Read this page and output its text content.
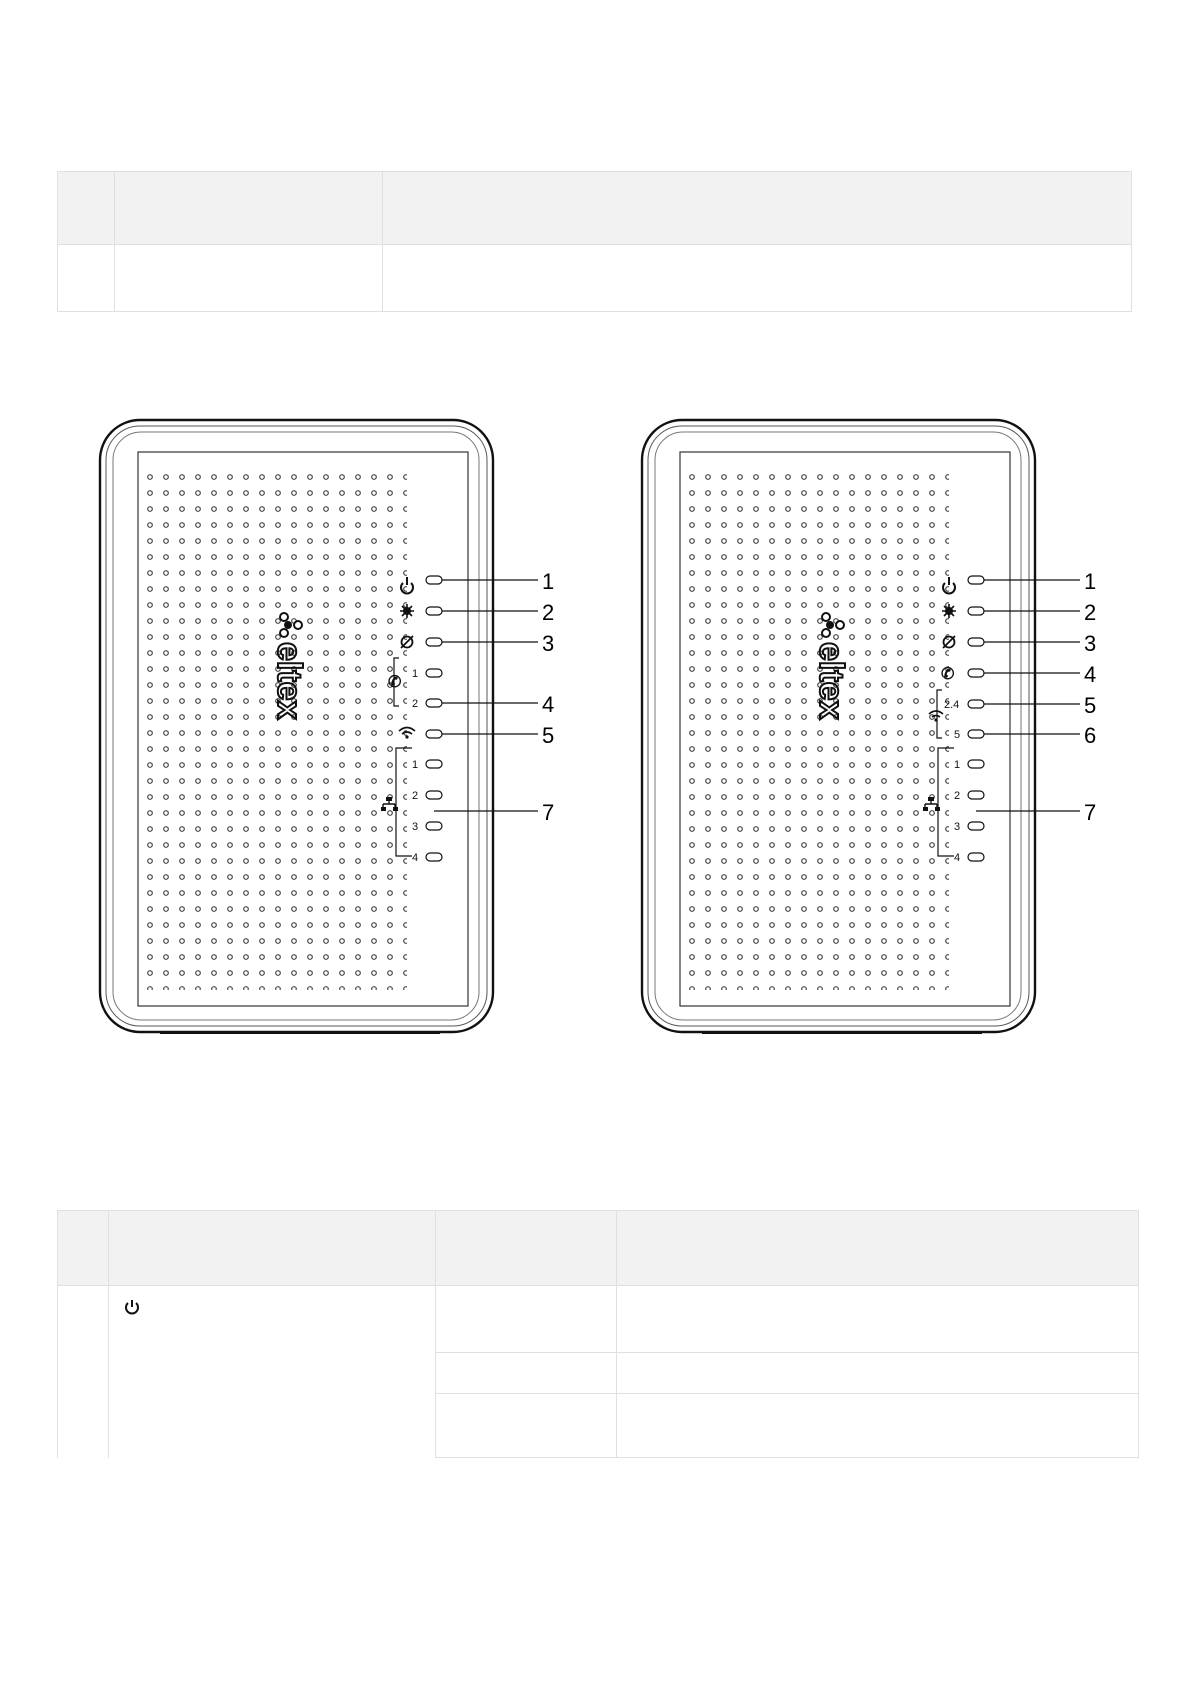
eltex
1
2
3
✆ 1
2	4
5
1
2
3
4
7
eltex
1
2
3
✆	4
2.4	5
5	6
1
2
3
4
7
